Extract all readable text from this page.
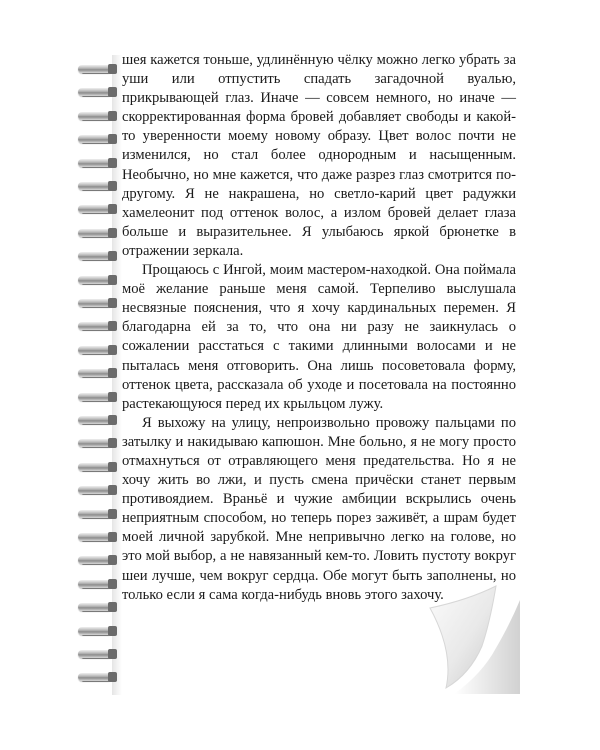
шея кажется тоньше, удлинённую чёлку можно легко убрать за уши или отпустить спадать загадочной вуалью, прикрывающей глаз. Иначе — совсем немного, но иначе — скорректированная форма бровей добавляет свободы и какой-то уверенности моему новому образу. Цвет волос почти не изменился, но стал более однородным и насыщенным. Необычно, но мне кажется, что даже разрез глаз смотрится по-другому. Я не накрашена, но светло-карий цвет радужки хамелеонит под оттенок волос, а излом бровей делает глаза больше и выразительнее. Я улыбаюсь яркой брюнетке в отражении зеркала.

Прощаюсь с Ингой, моим мастером-находкой. Она поймала моё желание раньше меня самой. Терпеливо выслушала несвязные пояснения, что я хочу кардинальных перемен. Я благодарна ей за то, что она ни разу не заикнулась о сожалении расстаться с такими длинными волосами и не пыталась меня отговорить. Она лишь посоветовала форму, оттенок цвета, рассказала об уходе и посетовала на постоянно растекающуюся перед их крыльцом лужу.

Я выхожу на улицу, непроизвольно провожу пальцами по затылку и накидываю капюшон. Мне больно, я не могу просто отмахнуться от отравляющего меня предательства. Но я не хочу жить во лжи, и пусть смена причёски станет первым противоядием. Враньё и чужие амбиции вскрылись очень неприятным способом, но теперь порез заживёт, а шрам будет моей личной зарубкой. Мне непривычно легко на голове, но это мой выбор, а не навязанный кем-то. Ловить пустоту вокруг шеи лучше, чем вокруг сердца. Обе могут быть заполнены, но только если я сама когда-нибудь вновь этого захочу.
